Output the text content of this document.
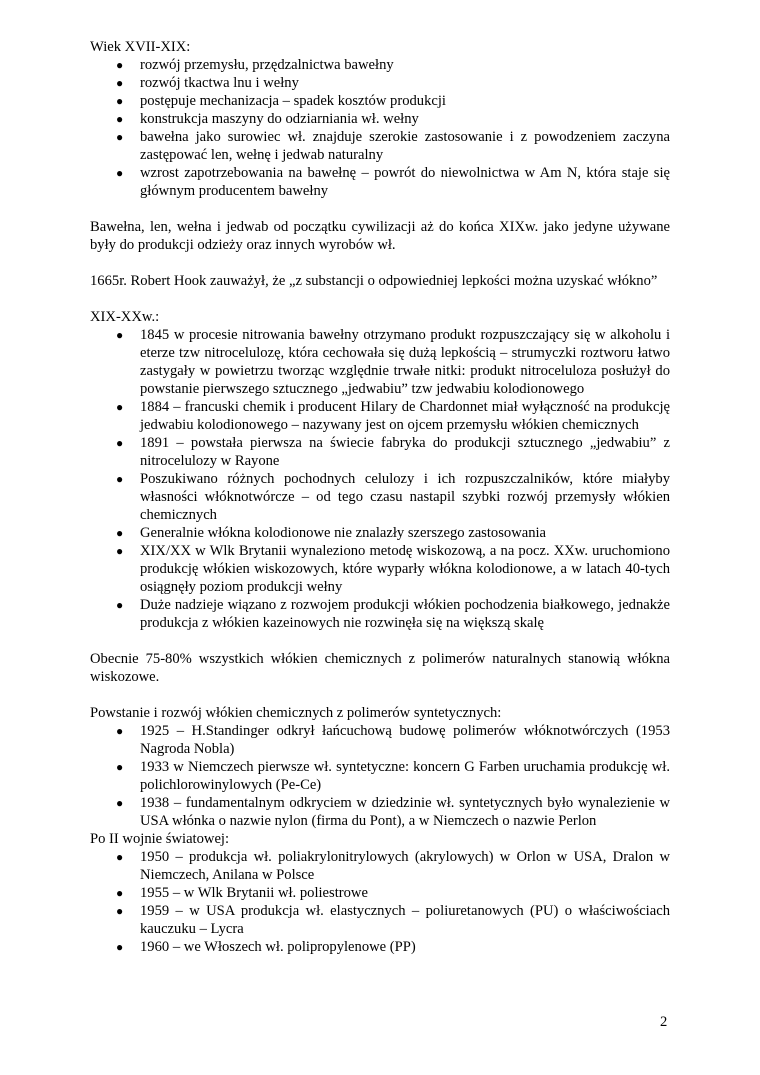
Wiek XVII-XIX:

● rozwój przemysłu, przędzalnictwa bawełny
● rozwój tkactwa lnu i wełny
● postępuje mechanizacja – spadek kosztów produkcji
● konstrukcja maszyny do odziarniania wł. wełny
● bawełna jako surowiec wł. znajduje szerokie zastosowanie i z powodzeniem zaczyna zastępować len, wełnę i jedwab naturalny
● wzrost zapotrzebowania na bawełnę – powrót do niewolnictwa w Am N, która staje się głównym producentem bawełny

Bawełna, len, wełna i jedwab od początku cywilizacji aż do końca XIXw. jako jedyne używane były do produkcji odzieży oraz innych wyrobów wł.

1665r. Robert Hook zauważył, że „z substancji o odpowiedniej lepkości można uzyskać włókno”

XIX-XXw.:

● 1845 w procesie nitrowania bawełny otrzymano produkt rozpuszczający się w alkoholu i eterze tzw nitrocelulozę, która cechowała się dużą lepkością – strumyczki roztworu łatwo zastygały w powietrzu tworząc względnie trwałe nitki: produkt nitroceluloza posłużył do powstanie pierwszego sztucznego „jedwabiu” tzw jedwabiu kolodionowego
● 1884 – francuski chemik i producent Hilary de Chardonnet miał wyłączność na produkcję jedwabiu kolodionowego – nazywany jest on ojcem przemysłu włókien chemicznych
● 1891 – powstała pierwsza na świecie fabryka do produkcji sztucznego „jedwabiu” z nitrocelulozy w Rayone
● Poszukiwano różnych pochodnych celulozy i ich rozpuszczalników, które miałyby własności włóknotwórcze – od tego czasu nastapil szybki rozwój przemysły włókien chemicznych
● Generalnie włókna kolodionowe nie znalazły szerszego zastosowania
● XIX/XX w Wlk Brytanii wynaleziono metodę wiskozową, a na pocz. XXw. uruchomiono produkcję włókien wiskozowych, które wyparły włókna kolodionowe, a w latach 40-tych osiągnęły poziom produkcji wełny
● Duże nadzieje wiązano z rozwojem produkcji włókien pochodzenia białkowego, jednakże produkcja z włókien kazeinowych nie rozwinęła się na większą skalę

Obecnie 75-80% wszystkich włókien chemicznych z polimerów naturalnych stanowią włókna wiskozowe.

Powstanie i rozwój włókien chemicznych z polimerów syntetycznych:

● 1925 – H.Standinger odkrył łańcuchową budowę polimerów włóknotwórczych (1953 Nagroda Nobla)
● 1933 w Niemczech pierwsze wł. syntetyczne: koncern G Farben uruchamia produkcję wł. polichlorowinylowych (Pe-Ce)
● 1938 – fundamentalnym odkryciem w dziedzinie wł. syntetycznych było wynalezienie w USA włónka o nazwie nylon (firma du Pont), a w Niemczech o nazwie Perlon

Po II wojnie światowej:

● 1950 – produkcja wł. poliakrylonitrylowych (akrylowych) w Orlon w USA, Dralon w Niemczech, Anilana w Polsce
● 1955 – w Wlk Brytanii wł. poliestrowe
● 1959 – w USA produkcja wł. elastycznych – poliuretanowych (PU) o właściwościach kauczuku – Lycra
● 1960 – we Włoszech wł. polipropylenowe (PP)
2
